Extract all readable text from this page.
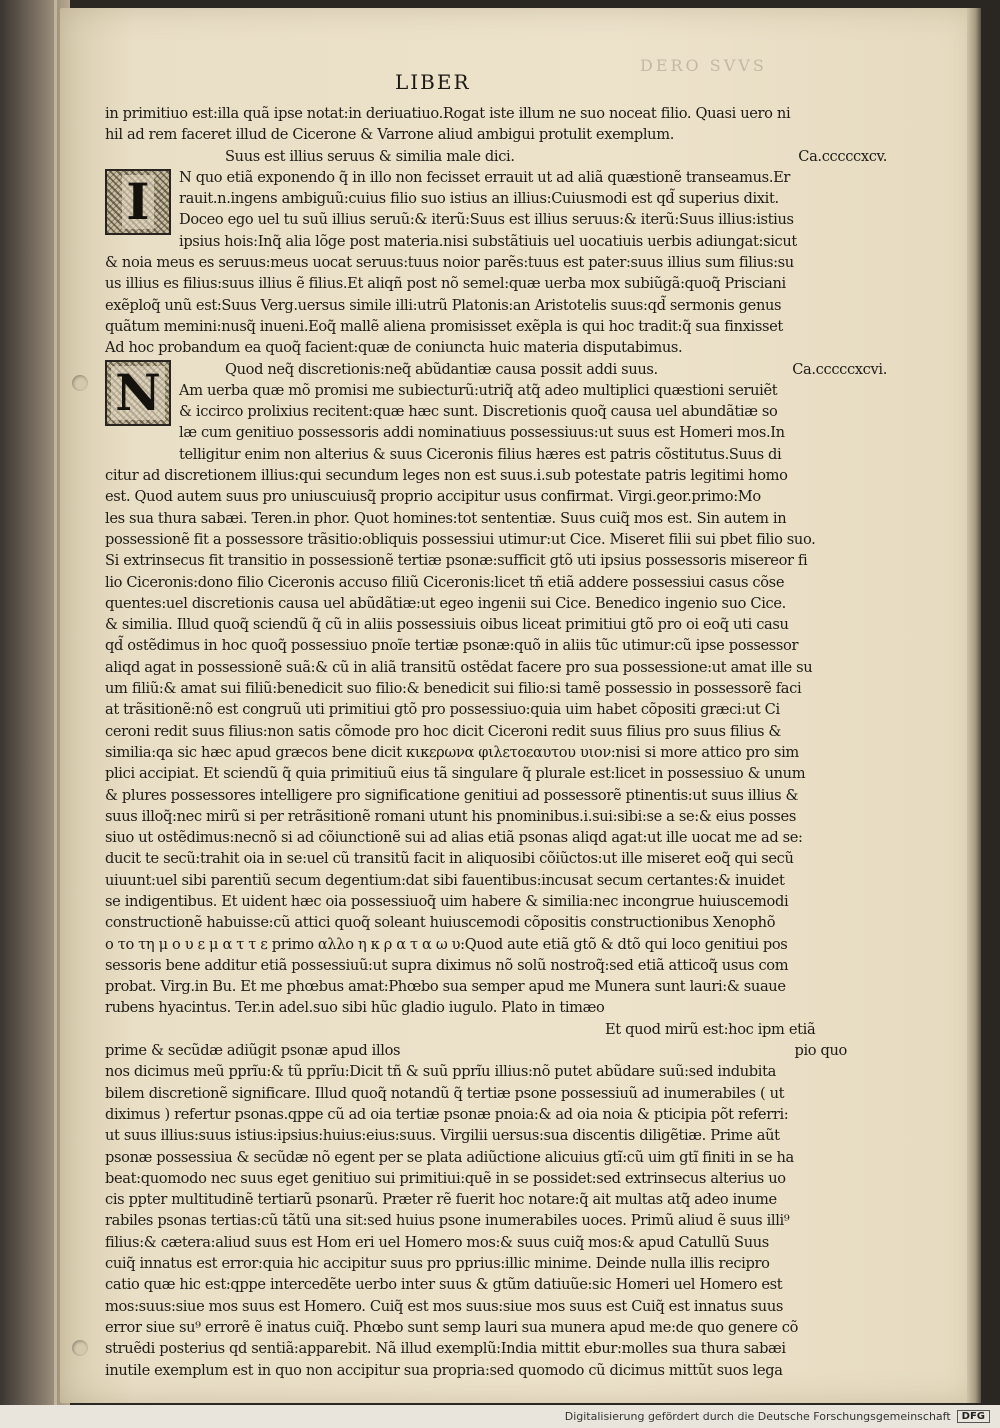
DERO SVVS
LIBER
I
N
in primitiuo est:illa quã ipse notat:in deriuatiuo.Rogat iste illum ne suo noceat filio. Quasi uero ni
hil ad rem faceret illud de Cicerone & Varrone aliud ambigui protulit exemplum.
Suus est illius seruus & similia male dici.	Ca.cccccxcv.
N quo etiã exponendo q̃ in illo non fecisset errauit ut ad aliã quæstionẽ transeamus.Er
rauit.n.ingens ambiguũ:cuius filio suo istius an illius:Cuiusmodi est qd̃ superius dixit.
Doceo ego uel tu suũ illius seruũ:& iterũ:Suus est illius seruus:& iterũ:Suus illius:istius
ipsius hois:Inq̃ alia lõge post materia.nisi substãtiuis uel uocatiuis uerbis adiungat:sicut
& noia meus es seruus:meus uocat seruus:tuus noior parẽs:tuus est pater:suus illius sum filius:su
us illius es filius:suus illius ẽ filius.Et aliqñ post nõ semel:quæ uerba mox subiũgã:quoq̃ Prisciani
exẽploq̃ unũ est:Suus Verg.uersus simile illi:utrũ Platonis:an Aristotelis suus:qd̃ sermonis genus
quãtum memini:nusq̃ inueni.Eoq̃ mallẽ aliena promisisset exẽpla is qui hoc tradit:q̃ sua finxisset
Ad hoc probandum ea quoq̃ facient:quæ de coniuncta huic materia disputabimus.
Quod neq̃ discretionis:neq̃ abũdantiæ causa possit addi suus.	Ca.cccccxcvi.
Am uerba quæ mõ promisi me subiecturũ:utriq̃ atq̃ adeo multiplici quæstioni seruiẽt
& iccirco prolixius recitent:quæ hæc sunt. Discretionis quoq̃ causa uel abundãtiæ so
læ cum genitiuo possessoris addi nominatiuus possessiuus:ut suus est Homeri mos.In
telligitur enim non alterius & suus Ciceronis filius hæres est patris cõstitutus.Suus di
citur ad discretionem illius:qui secundum leges non est suus.i.sub potestate patris legitimi homo
est. Quod autem suus pro uniuscuiusq̃ proprio accipitur usus confirmat. Virgi.geor.primo:Mo
les sua thura sabæi. Teren.in phor. Quot homines:tot sententiæ. Suus cuiq̃ mos est. Sin autem in
possessionẽ fit a possessore trãsitio:obliquis possessiui utimur:ut Cice. Miseret filii sui pbet filio suo.
Si extrinsecus fit transitio in possessionẽ tertiæ psonæ:sufficit gtõ uti ipsius possessoris misereor fi
lio Ciceronis:dono filio Ciceronis accuso filiũ Ciceronis:licet tñ etiã addere possessiui casus cõse
quentes:uel discretionis causa uel abũdãtiæ:ut egeo ingenii sui Cice. Benedico ingenio suo Cice.
& similia. Illud quoq̃ sciendũ q̃ cũ in aliis possessiuis oibus liceat primitiui gtõ pro oi eoq̃ uti casu
qd̃ ostẽdimus in hoc quoq̃ possessiuo pnoĩe tertiæ psonæ:quõ in aliis tũc utimur:cũ ipse possessor
aliqd agat in possessionẽ suã:& cũ in aliã transitũ ostẽdat facere pro sua possessione:ut amat ille su
um filiũ:& amat sui filiũ:benedicit suo filio:& benedicit sui filio:si tamẽ possessio in possessorẽ faci
at trãsitionẽ:nõ est congruũ uti primitiui gtõ pro possessiuo:quia uim habet cõpositi græci:ut Ci
ceroni redit suus filius:non satis cõmode pro hoc dicit Ciceroni redit suus filius pro suus filius &
similia:qa sic hæc apud græcos bene dicit κικερωνα φιλετοεαυτου υιον:nisi si more attico pro sim
plici accipiat. Et sciendũ q̃ quia primitiuũ eius tã singulare q̃ plurale est:licet in possessiuo & unum
& plures possessores intelligere pro significatione genitiui ad possessorẽ ptinentis:ut suus illius &
suus illoq̃:nec mirũ si per retrãsitionẽ romani utunt his pnominibus.i.sui:sibi:se a se:& eius posses
siuo ut ostẽdimus:necnõ si ad cõiunctionẽ sui ad alias etiã psonas aliqd agat:ut ille uocat me ad se:
ducit te secũ:trahit oia in se:uel cũ transitũ facit in aliquosibi cõiũctos:ut ille miseret eoq̃ qui secũ
uiuunt:uel sibi parentiũ secum degentium:dat sibi fauentibus:incusat secum certantes:& inuidet
se indigentibus. Et uident hæc oia possessiuoq̃ uim habere & similia:nec incongrue huiuscemodi
constructionẽ habuisse:cũ attici quoq̃ soleant huiuscemodi cõpositis constructionibus Xenophõ
ο το τη μ ο υ ε μ α τ τ ε primo αλλο η κ ρ α τ α ω υ:Quod aute etiã gtõ & dtõ qui loco genitiui pos
sessoris bene additur etiã possessiuũ:ut supra diximus nõ solũ nostroq̃:sed etiã atticoq̃ usus com
probat. Virg.in Bu. Et me phœbus amat:Phœbo sua semper apud me Munera sunt lauri:& suaue
rubens hyacintus. Ter.in adel.suo sibi hũc gladio iugulo. Plato in timæo
Et quod mirũ est:hoc ipm etiã
prime & secũdæ adiũgit psonæ apud illos	pio quo
nos dicimus meũ pprĩu:& tũ pprĩu:Dicit tñ & suũ pprĩu illius:nõ putet abũdare suũ:sed indubita
bilem discretionẽ significare. Illud quoq̃ notandũ q̃ tertiæ psone possessiuũ ad inumerabiles ( ut
diximus ) refertur psonas.qppe cũ ad oia tertiæ psonæ pnoia:& ad oia noia & pticipia põt referri:
ut suus illius:suus istius:ipsius:huius:eius:suus. Virgilii uersus:sua discentis diligẽtiæ. Prime aũt
psonæ possessiua & secũdæ nõ egent per se plata adiũctione alicuius gtĩ:cũ uim gtĩ finiti in se ha
beat:quomodo nec suus eget genitiuo sui primitiui:quẽ in se possidet:sed extrinsecus alterius uo
cis ppter multitudinẽ tertiarũ psonarũ. Præter rẽ fuerit hoc notare:q̃ ait multas atq̃ adeo inume
rabiles psonas tertias:cũ tãtũ una sit:sed huius psone inumerabiles uoces. Primũ aliud ẽ suus illi⁹
filius:& cætera:aliud suus est Hom eri uel Homero mos:& suus cuiq̃ mos:& apud Catullũ Suus
cuiq̃ innatus est error:quia hic accipitur suus pro pprius:illic minime. Deinde nulla illis recipro
catio quæ hic est:qppe intercedẽte uerbo inter suus & gtũm datiuũe:sic Homeri uel Homero est
mos:suus:siue mos suus est Homero. Cuiq̃ est mos suus:siue mos suus est Cuiq̃ est innatus suus
error siue su⁹ errorẽ ẽ inatus cuiq̃. Phœbo sunt semp lauri sua munera apud me:de quo genere cõ
struẽdi posterius qd sentiã:apparebit. Nã illud exemplũ:India mittit ebur:molles sua thura sabæi
inutile exemplum est in quo non accipitur sua propria:sed quomodo cũ dicimus mittũt suos lega
Digitalisierung gefördert durch die Deutsche Forschungsgemeinschaft	DFG
